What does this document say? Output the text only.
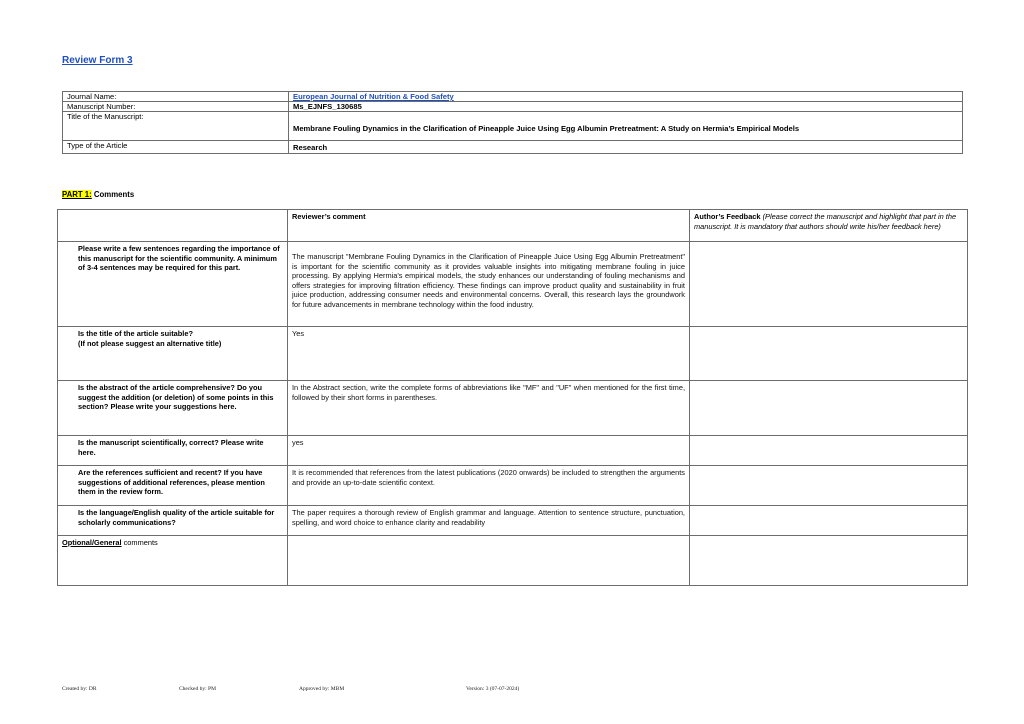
Review Form 3
Journal Name:	European Journal of Nutrition & Food Safety
Manuscript Number:	Ms_EJNFS_130685
Title of the Manuscript:	Membrane Fouling Dynamics in the Clarification of Pineapple Juice Using Egg Albumin Pretreatment: A Study on Hermia’s Empirical Models
Type of the Article	Research
PART 1: Comments
	Reviewer’s comment	Author’s Feedback (Please correct the manuscript and highlight that part in the manuscript. It is mandatory that authors should write his/her feedback here)
Please write a few sentences regarding the importance of this manuscript for the scientific community. A minimum of 3-4 sentences may be required for this part.	The manuscript "Membrane Fouling Dynamics in the Clarification of Pineapple Juice Using Egg Albumin Pretreatment" is important for the scientific community as it provides valuable insights into mitigating membrane fouling in juice processing. By applying Hermia's empirical models, the study enhances our understanding of fouling mechanisms and offers strategies for improving filtration efficiency. These findings can improve product quality and sustainability in fruit juice production, addressing consumer needs and environmental concerns. Overall, this research lays the groundwork for future advancements in membrane technology within the food industry.	
Is the title of the article suitable?
(If not please suggest an alternative title)	Yes	
Is the abstract of the article comprehensive? Do you suggest the addition (or deletion) of some points in this section? Please write your suggestions here.	In the Abstract section, write the complete forms of abbreviations like "MF" and "UF" when mentioned for the first time, followed by their short forms in parentheses.	
Is the manuscript scientifically, correct? Please write here.	yes	
Are the references sufficient and recent? If you have suggestions of additional references, please mention them in the review form.	It is recommended that references from the latest publications (2020 onwards) be included to strengthen the arguments and provide an up-to-date scientific context.	
Is the language/English quality of the article suitable for scholarly communications?	The paper requires a thorough review of English grammar and language. Attention to sentence structure, punctuation, spelling, and word choice to enhance clarity and readability	
Optional/General comments		
Created by: DR	Checked by: PM	Approved by: MBM	Version: 3 (07-07-2024)
